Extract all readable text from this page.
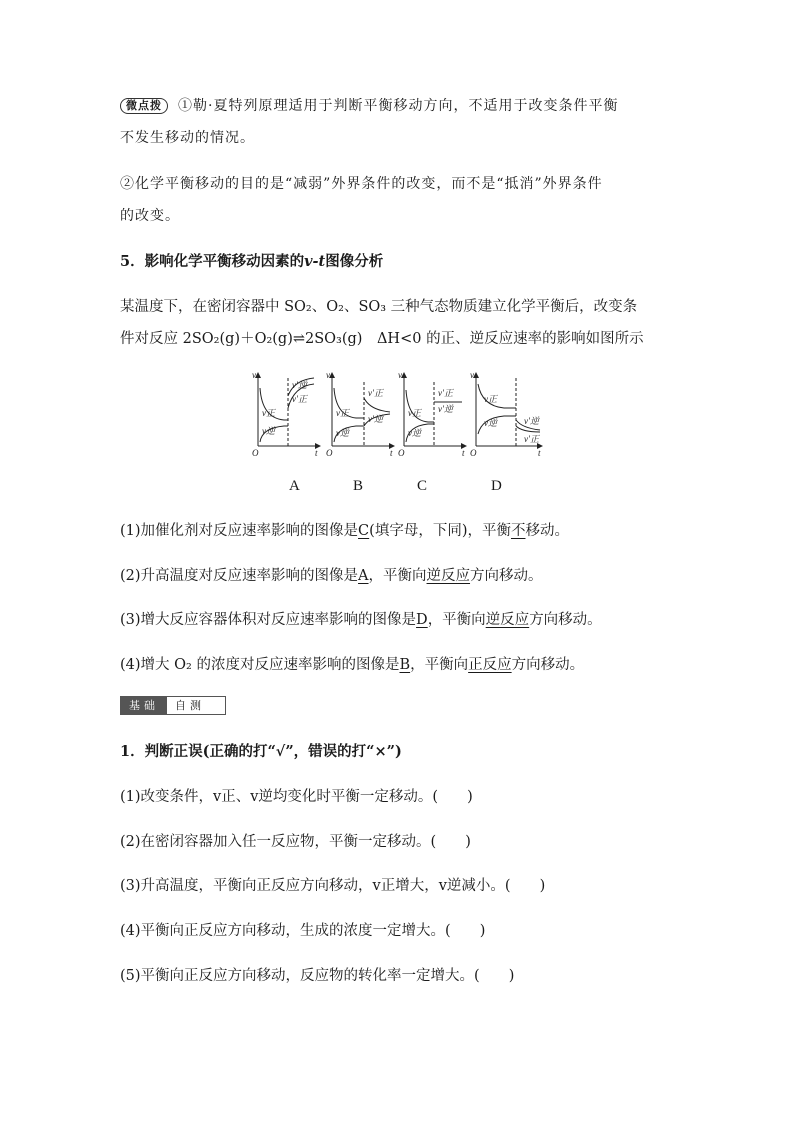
微点拨 ①勒·夏特列原理适用于判断平衡移动方向，不适用于改变条件平衡
不发生移动的情况。
②化学平衡移动的目的是“减弱”外界条件的改变，而不是“抵消”外界条件
的改变。
5．影响化学平衡移动因素的v-t图像分析
某温度下，在密闭容器中 SO₂、O₂、SO₃ 三种气态物质建立化学平衡后，改变条
件对反应 2SO₂(g)＋O₂(g)⇌2SO₃(g)　ΔH<0 的正、逆反应速率的影响如图所示
v
t
O
v正
v逆
v′逆
v′正
v
t
O
v正
v逆
v′正
v′逆
v
t
O
v正
v逆
v′正
v′逆
v
t
O
v正
v逆	v′逆
v′正
A	B	C	D
(1)加催化剂对反应速率影响的图像是C(填字母，下同)，平衡不移动。
(2)升高温度对反应速率影响的图像是A，平衡向逆反应方向移动。
(3)增大反应容器体积对反应速率影响的图像是D，平衡向逆反应方向移动。
(4)增大 O₂ 的浓度对反应速率影响的图像是B，平衡向正反应方向移动。
基础	自测
1．判断正误(正确的打“√”，错误的打“×”)
(1)改变条件，v正、v逆均变化时平衡一定移动。(　　)
(2)在密闭容器加入任一反应物，平衡一定移动。(　　)
(3)升高温度，平衡向正反应方向移动，v正增大，v逆减小。(　　)
(4)平衡向正反应方向移动，生成的浓度一定增大。(　　)
(5)平衡向正反应方向移动，反应物的转化率一定增大。(　　)
